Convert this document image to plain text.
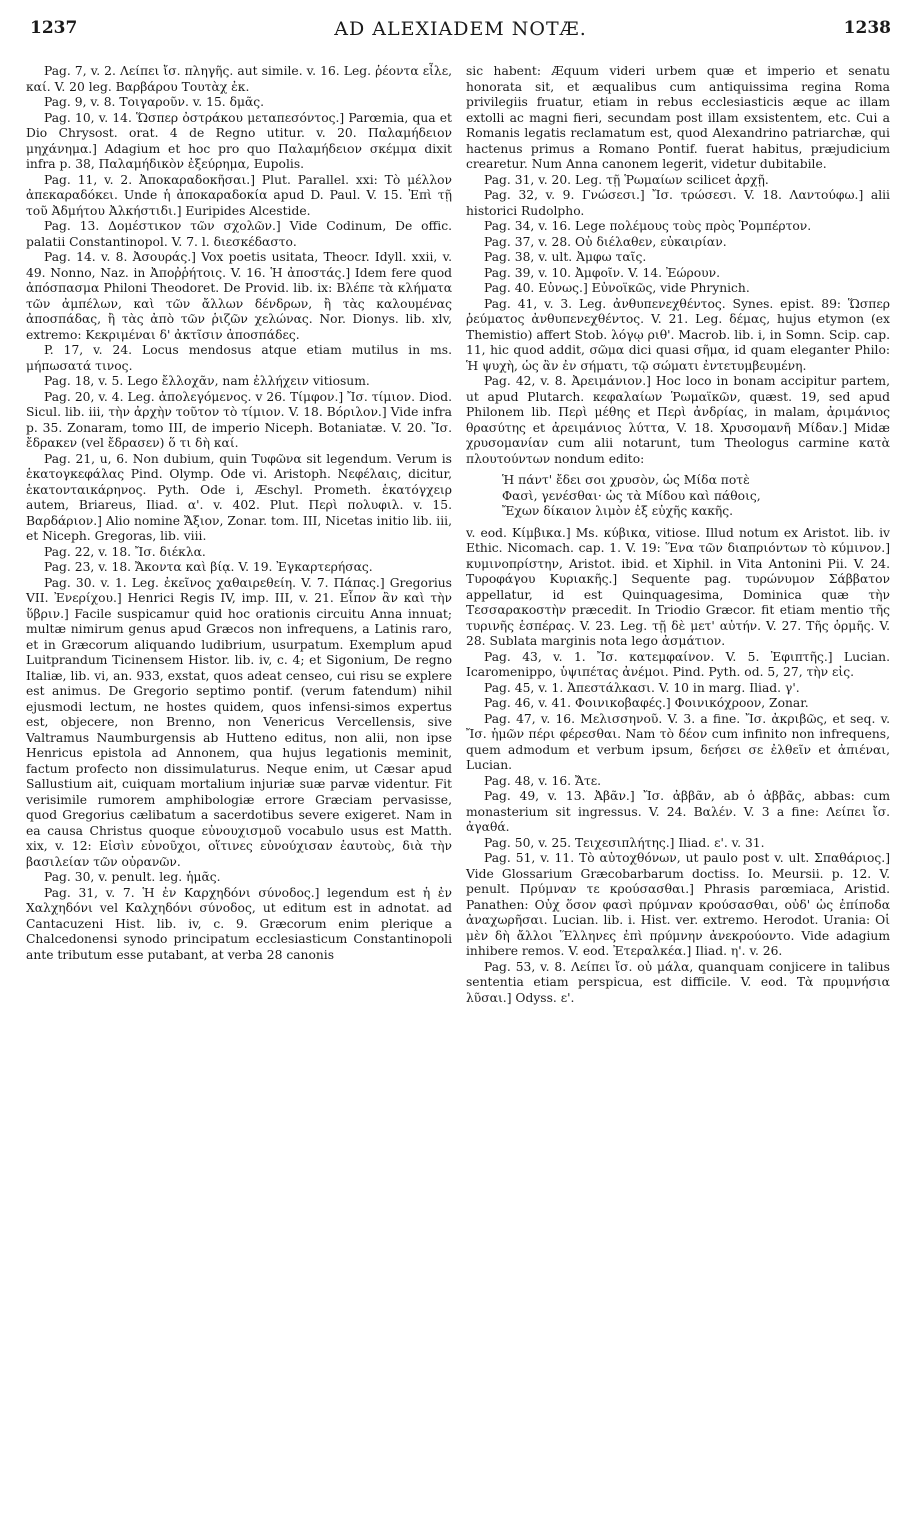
1237	AD ALEXIADEM NOTÆ.	1238

Pag. 7, v. 2. Λείπει ἴσ. πληγῆς. aut simile. v. 16. Leg. ῥέοντα εἶλε, καί. V. 20 leg. Βαρβάρου Τουτὰχ ἐκ.

Pag. 9, v. 8. Τοιγαροῦν. v. 15. δμᾶς.

Pag. 10, v. 14. Ὥσπερ ὀστράκου μεταπεσόντος.] Parœmia, qua et Dio Chrysost. orat. 4 de Regno utitur. v. 20. Παλαμήδειον μηχάνημα.] Adagium et hoc pro quo Παλαμήδειον σκέμμα dixit infra p. 38, Παλαμήδικὸν ἐξεύρημα, Eupolis.

Pag. 11, v. 2. Ἀποκαραδοκῆσαι.] Plut. Parallel. xxi: Τὸ μέλλον ἀπεκαραδόκει. Unde ἡ ἀποκαραδοκία apud D. Paul. V. 15. Ἐπὶ τῇ τοῦ Ἀδμήτου Ἀλκήστιδι.] Euripides Alcestide.

Pag. 13. Δομέστικον τῶν σχολῶν.] Vide Codinum, De offic. palatii Constantinopol. V. 7. l. διεσκέδαστο.

Pag. 14. v. 8. Ἀσουράς.] Vox poetis usitata, Theocr. Idyll. xxii, v. 49. Nonno, Naz. in Ἀποῤῥήτοις. V. 16. Ἡ ἀποστάς.] Idem fere quod ἀπόσπασμα Philoni Theodoret. De Provid. lib. ix: Βλέπε τὰ κλήματα τῶν ἀμπέλων, καὶ τῶν ἄλλων δένδρων, ἢ τὰς καλουμένας ἀποσπάδας, ἢ τὰς ἀπὸ τῶν ῥιζῶν χελώνας. Nor. Dionys. lib. xlv, extremo: Κεκριμέναι δ' ἀκτῖσιν ἀποσπάδες.

P. 17, v. 24. Locus mendosus atque etiam mutilus in ms. μήπωσατά τινος.

Pag. 18, v. 5. Lego ἔλλοχᾶν, nam ἐλλήχειν vitiosum.

Pag. 20, v. 4. Leg. ἀπολεγόμενος. v 26. Τίμφον.] Ἴσ. τίμιον. Diod. Sicul. lib. iii, τὴν ἀρχὴν τοῦτον τὸ τίμιον. V. 18. Βόριλον.] Vide infra p. 35. Zonaram, tomo III, de imperio Niceph. Botaniatæ. V. 20. Ἴσ. ἔδρακεν (vel ἔδρασεν) ὅ τι δὴ καί.

Pag. 21, u, 6. Non dubium, quin Τυφῶνα sit legendum. Verum is ἑκατογκεφάλας Pind. Olymp. Ode vi. Aristoph. Νεφέλαις, dicitur, ἑκατονταικάρηνος. Pyth. Ode i, Æschyl. Prometh. ἑκατόγχειρ autem, Briareus, Iliad. α'. v. 402. Plut. Περὶ πολυφιλ. v. 15. Βαρδάριον.] Alio nomine Ἄξιον, Zonar. tom. III, Nicetas initio lib. iii, et Niceph. Gregoras, lib. viii.

Pag. 22, v. 18. Ἴσ. διέκλα.

Pag. 23, v. 18. Ἄκοντα καὶ βίᾳ. V. 19. Ἐγκαρτερήσας.

Pag. 30. v. 1. Leg. ἐκεῖνος χαθαιρεθείη. V. 7. Πάπας.] Gregorius VII. Ἐνερίχου.] Henrici Regis IV, imp. III, v. 21. Εἶπον ἂν καὶ τὴν ὕβριν.] Facile suspicamur quid hoc orationis circuitu Anna innuat; multæ nimirum genus apud Græcos non infrequens, a Latinis raro, et in Græcorum aliquando ludibrium, usurpatum. Exemplum apud Luitprandum Ticinensem Histor. lib. iv, c. 4; et Sigonium, De regno Italiæ, lib. vi, an. 933, exstat, quos adeat censeo, cui risu se explere est animus. De Gregorio septimo pontif. (verum fatendum) nihil ejusmodi lectum, ne hostes quidem, quos infensi-simos expertus est, objecere, non Brenno, non Venericus Vercellensis, sive Valtramus Naumburgensis ab Hutteno editus, non alii, non ipse Henricus epistola ad Annonem, qua hujus legationis meminit, factum profecto non dissimulaturus. Neque enim, ut Cæsar apud Sallustium ait, cuiquam mortalium injuriæ suæ parvæ videntur. Fit verisimile rumorem amphibologiæ errore Græciam pervasisse, quod Gregorius cælibatum a sacerdotibus severe exigeret. Nam in ea causa Christus quoque εὐνουχισμοῦ vocabulo usus est Matth. xix, v. 12: Εἰσὶν εὐνοῦχοι, οἵτινες εὐνούχισαν ἑαυτοὺς, διὰ τὴν βασιλείαν τῶν οὐρανῶν.

Pag. 30, v. penult. leg. ἡμᾶς.

Pag. 31, v. 7. Ἡ ἐν Καρχηδόνι σύνοδος.] legendum est ἡ ἐν Χαλχηδόνι vel Καλχηδόνι σύνοδος, ut editum est in adnotat. ad Cantacuzeni Hist. lib. iv, c. 9. Græcorum enim plerique a Chalcedonensi synodo principatum ecclesiasticum Constantinopoli ante tributum esse putabant, at verba 28 canonis

sic habent: Æquum videri urbem quæ et imperio et senatu honorata sit, et æqualibus cum antiquissima regina Roma privilegiis fruatur, etiam in rebus ecclesiasticis æque ac illam extolli ac magni fieri, secundam post illam exsistentem, etc. Cui a Romanis legatis reclamatum est, quod Alexandrino patriarchæ, qui hactenus primus a Romano Pontif. fuerat habitus, præjudicium crearetur. Num Anna canonem legerit, videtur dubitabile.

Pag. 31, v. 20. Leg. τῇ Ῥωμαίων scilicet ἀρχῇ.

Pag. 32, v. 9. Γνώσεσι.] Ἴσ. τρώσεσι. V. 18. Λαντούφω.] alii historici Rudolpho.

Pag. 34, v. 16. Lege πολέμους τοὺς πρὸς Ῥομπέρτον.

Pag. 37, v. 28. Οὐ διέλαθεν, εὐκαιρίαν.

Pag. 38, v. ult. Ἀμφω ταῖς.

Pag. 39, v. 10. Ἀμφοῖν. V. 14. Ἐώρουν.

Pag. 40. Εὐνως.] Εὐνοϊκῶς, vide Phrynich.

Pag. 41, v. 3. Leg. ἀνθυπενεχθέντος. Synes. epist. 89: Ὥσπερ ῥεύματος ἀνθυπενεχθέντος. V. 21. Leg. δέμας, hujus etymon (ex Themistio) affert Stob. λόγῳ ριθ'. Macrob. lib. i, in Somn. Scip. cap. 11, hic quod addit, σῶμα dici quasi σῆμα, id quam eleganter Philo: Ἡ ψυχὴ, ὡς ἂν ἐν σήματι, τῷ σώματι ἐντετυμβευμένη.

Pag. 42, v. 8. Ἀρειμάνιον.] Hoc loco in bonam accipitur partem, ut apud Plutarch. κεφαλαίων Ῥωμαϊκῶν, quæst. 19, sed apud Philonem lib. Περὶ μέθης et Περὶ ἀνδρίας, in malam, ἀριμάνιος θρασύτης et ἀρειμάνιος λύττα, V. 18. Χρυσομανῆ Μίδαν.] Midæ χρυσομανίαν cum alii notarunt, tum Theologus carmine κατὰ πλουτούντων nondum edito:

Ἡ πάντ' ἔδει σοι χρυσὸν, ὡς Μίδα ποτὲ
Φασὶ, γενέσθαι· ὡς τὰ Μίδου καὶ πάθοις,
Ἔχων δίκαιον λιμὸν ἐξ εὐχῆς κακῆς.

v. eod. Κίμβικα.] Ms. κύβικα, vitiose. Illud notum ex Aristot. lib. iv Ethic. Nicomach. cap. 1. V. 19: Ἕνα τῶν διαπριόντων τὸ κύμινον.] κυμινοπρίστην, Aristot. ibid. et Xiphil. in Vita Antonini Pii. V. 24. Τυροφάγου Κυριακῆς.] Sequente pag. τυρώνυμον Σάββατον appellatur, id est Quinquagesima, Dominica quæ τὴν Τεσσαρακοστὴν præcedit. In Triodio Græcor. fit etiam mentio τῆς τυρινῆς ἑσπέρας. V. 23. Leg. τῇ δὲ μετ' αὐτήν. V. 27. Τῆς ὁρμῆς. V. 28. Sublata marginis nota lego ἀσμάτιον.

Pag. 43, v. 1. Ἴσ. κατεμφαίνον. V. 5. Ἐφιπτῆς.] Lucian. Icaromenippo, ὑψιπέτας ἀνέμοι. Pind. Pyth. od. 5, 27, τὴν εἰς.

Pag. 45, v. 1. Ἀπεστάλκασι. V. 10 in marg. Iliad. γ'.

Pag. 46, v. 41. Φοινικοβαφές.] Φοινικόχροον, Zonar.

Pag. 47, v. 16. Μελισσηνοῦ. V. 3. a fine. Ἴσ. ἀκριβῶς, et seq. v. Ἴσ. ἡμῶν πέρι φέρεσθαι. Nam τὸ δέον cum infinito non infrequens, quem admodum et verbum ipsum, δεήσει σε ἐλθεῖν et ἀπιέναι, Lucian.

Pag. 48, v. 16. Ἄτε.

Pag. 49, v. 13. Ἀβᾶν.] Ἴσ. ἀββᾶν, ab ὁ ἀββᾶς, abbas: cum monasterium sit ingressus. V. 24. Βαλέν. V. 3 a fine: Λείπει ἴσ. ἀγαθά.

Pag. 50, v. 25. Τειχεσιπλήτης.] Iliad. ε'. v. 31.

Pag. 51, v. 11. Τὸ αὐτοχθόνων, ut paulo post v. ult. Σπαθάριος.] Vide Glossarium Græcobarbarum doctiss. Io. Meursii. p. 12. V. penult. Πρύμναν τε κρούσασθαι.] Phrasis parœmiaca, Aristid. Panathen: Οὐχ ὅσον φασὶ πρύμναν κρούσασθαι, οὐδ' ὡς ἐπίποδα ἀναχωρῆσαι. Lucian. lib. i. Hist. ver. extremo. Herodot. Urania: Οἱ μὲν δὴ ἄλλοι Ἕλληνες ἐπὶ πρύμνην ἀνεκρούοντο. Vide adagium inhibere remos. V. eod. Ἐτεραλκέα.] Iliad. η'. v. 26.

Pag. 53, v. 8. Λείπει ἴσ. οὐ μάλα, quanquam conjicere in talibus sententia etiam perspicua, est difficile. V. eod. Τὰ πρυμνήσια λῦσαι.] Odyss. ε'.
